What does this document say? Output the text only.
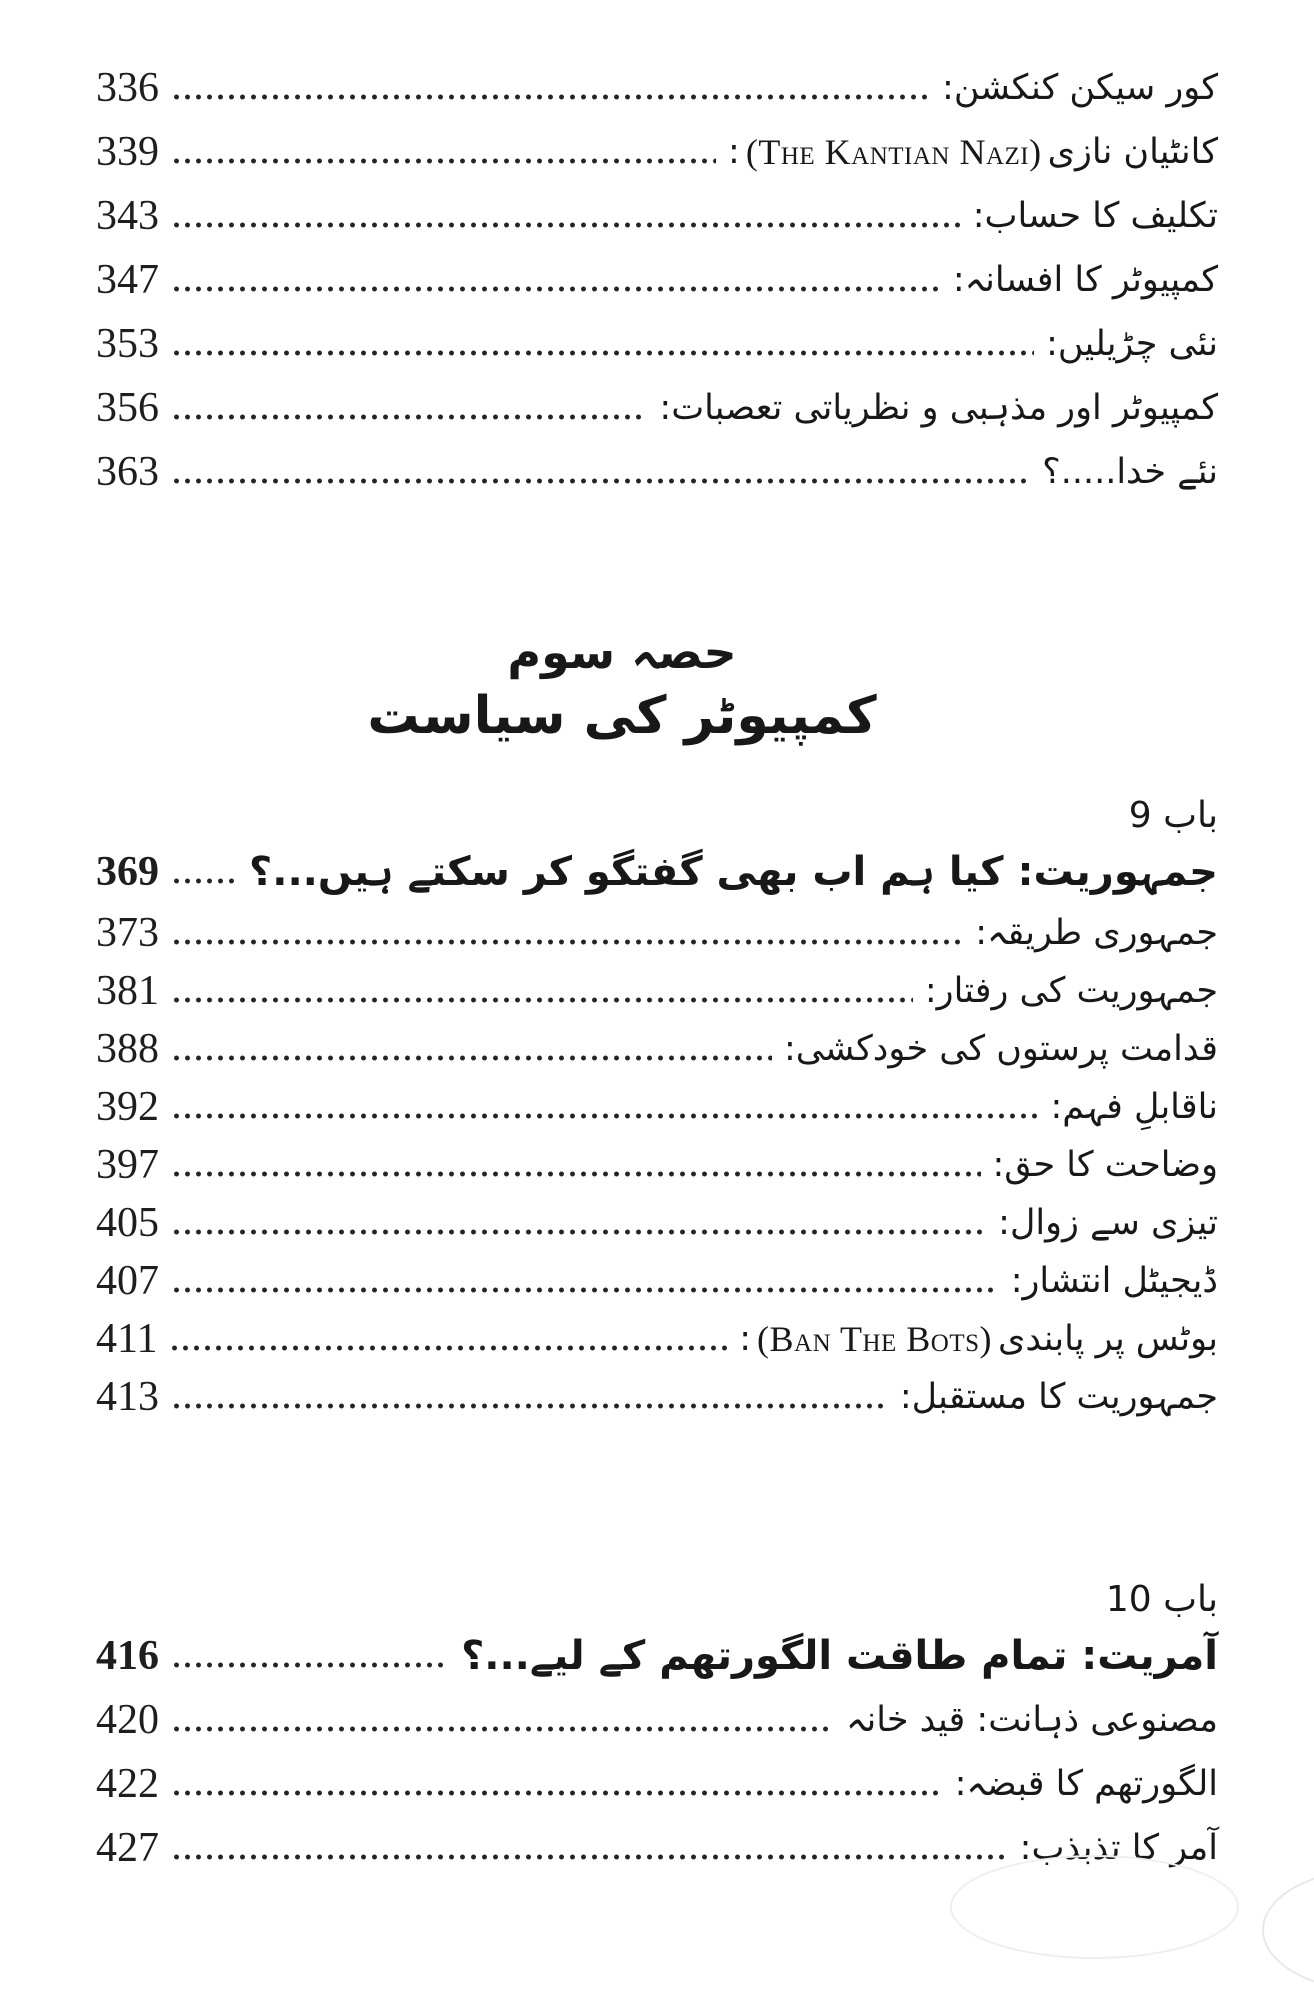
کور سیکن کنکشن
:
336
کانٹیان نازی
(The Kantian Nazi)
:
339
تکلیف کا حساب
:
343
کمپیوٹر کا افسانہ
:
347
نئی چڑیلیں
:
353
کمپیوٹر اور مذہبی و نظریاتی تعصبات
:
356
نئے خدا.....؟
363
حصہ سوم
کمپیوٹر کی سیاست
باب 9
جمہوریت: کیا ہم اب بھی گفتگو کر سکتے ہیں...؟
369
جمہوری طریقہ
:
373
جمہوریت کی رفتار
:
381
قدامت پرستوں کی خودکشی
:
388
ناقابلِ فہم
:
392
وضاحت کا حق
:
397
تیزی سے زوال
:
405
ڈیجیٹل انتشار
:
407
بوٹس پر پابندی
(Ban The Bots)
:
411
جمہوریت کا مستقبل
:
413
باب 10
آمریت: تمام طاقت الگورتھم کے لیے...؟
416
مصنوعی ذہانت: قید خانہ
420
الگورتھم کا قبضہ
:
422
آمر کا تذبذب
:
427
